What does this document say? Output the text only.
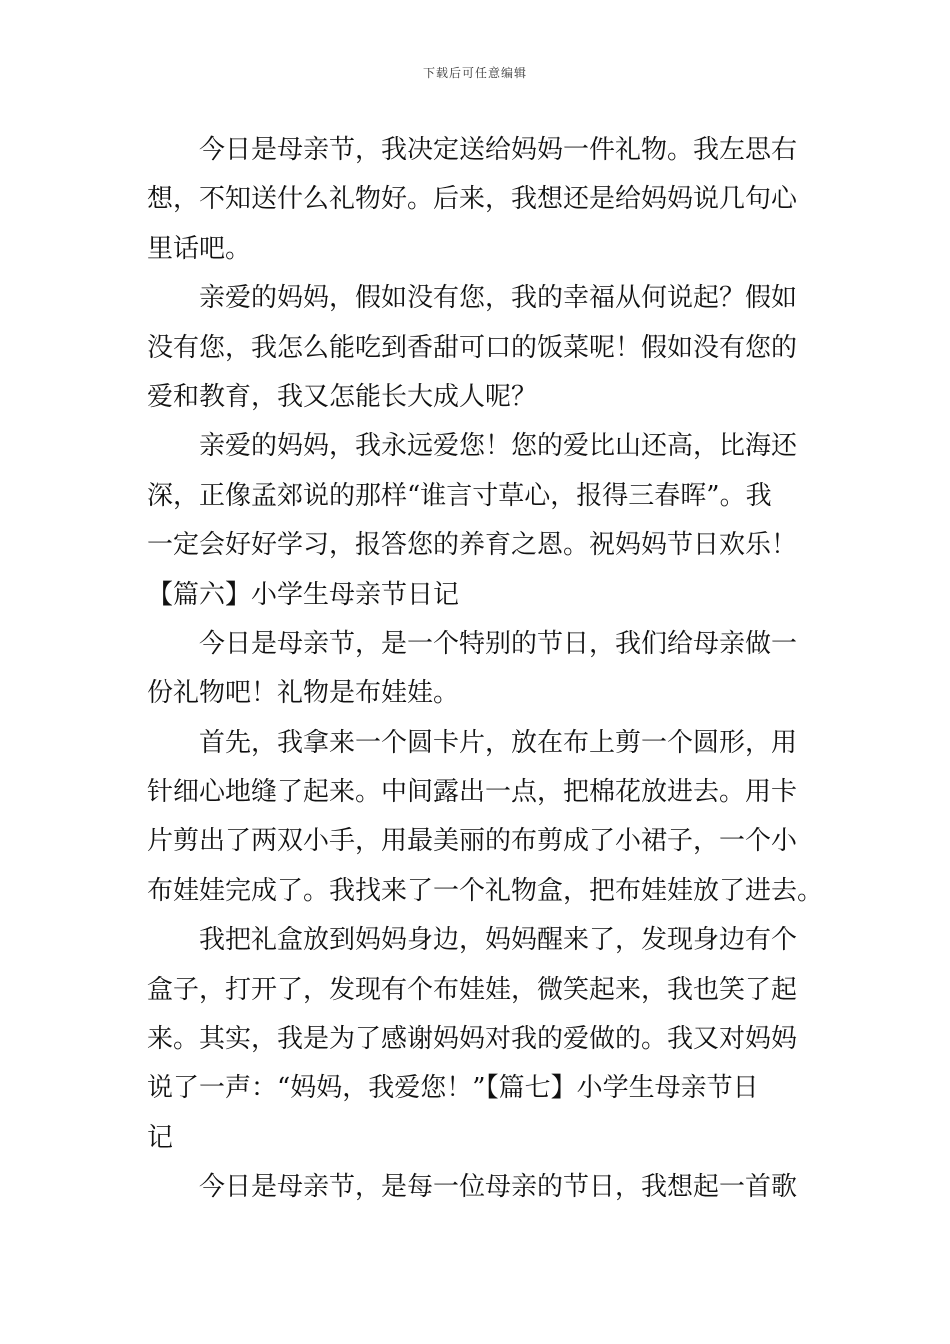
下载后可任意编辑
今日是母亲节，我决定送给妈妈一件礼物。我左思右
想，不知送什么礼物好。后来，我想还是给妈妈说几句心
里话吧。
亲爱的妈妈，假如没有您，我的幸福从何说起？假如
没有您，我怎么能吃到香甜可口的饭菜呢！假如没有您的
爱和教育，我又怎能长大成人呢？
亲爱的妈妈，我永远爱您！您的爱比山还高，比海还
深，正像孟郊说的那样“谁言寸草心，报得三春晖”。我
一定会好好学习，报答您的养育之恩。祝妈妈节日欢乐！
【篇六】小学生母亲节日记
今日是母亲节，是一个特别的节日，我们给母亲做一
份礼物吧！礼物是布娃娃。
首先，我拿来一个圆卡片，放在布上剪一个圆形，用
针细心地缝了起来。中间露出一点，把棉花放进去。用卡
片剪出了两双小手，用最美丽的布剪成了小裙子，一个小
布娃娃完成了。我找来了一个礼物盒，把布娃娃放了进去。
我把礼盒放到妈妈身边，妈妈醒来了，发现身边有个
盒子，打开了，发现有个布娃娃，微笑起来，我也笑了起
来。其实，我是为了感谢妈妈对我的爱做的。我又对妈妈
说了一声：“妈妈，我爱您！”【篇七】小学生母亲节日
记
今日是母亲节，是每一位母亲的节日，我想起一首歌
